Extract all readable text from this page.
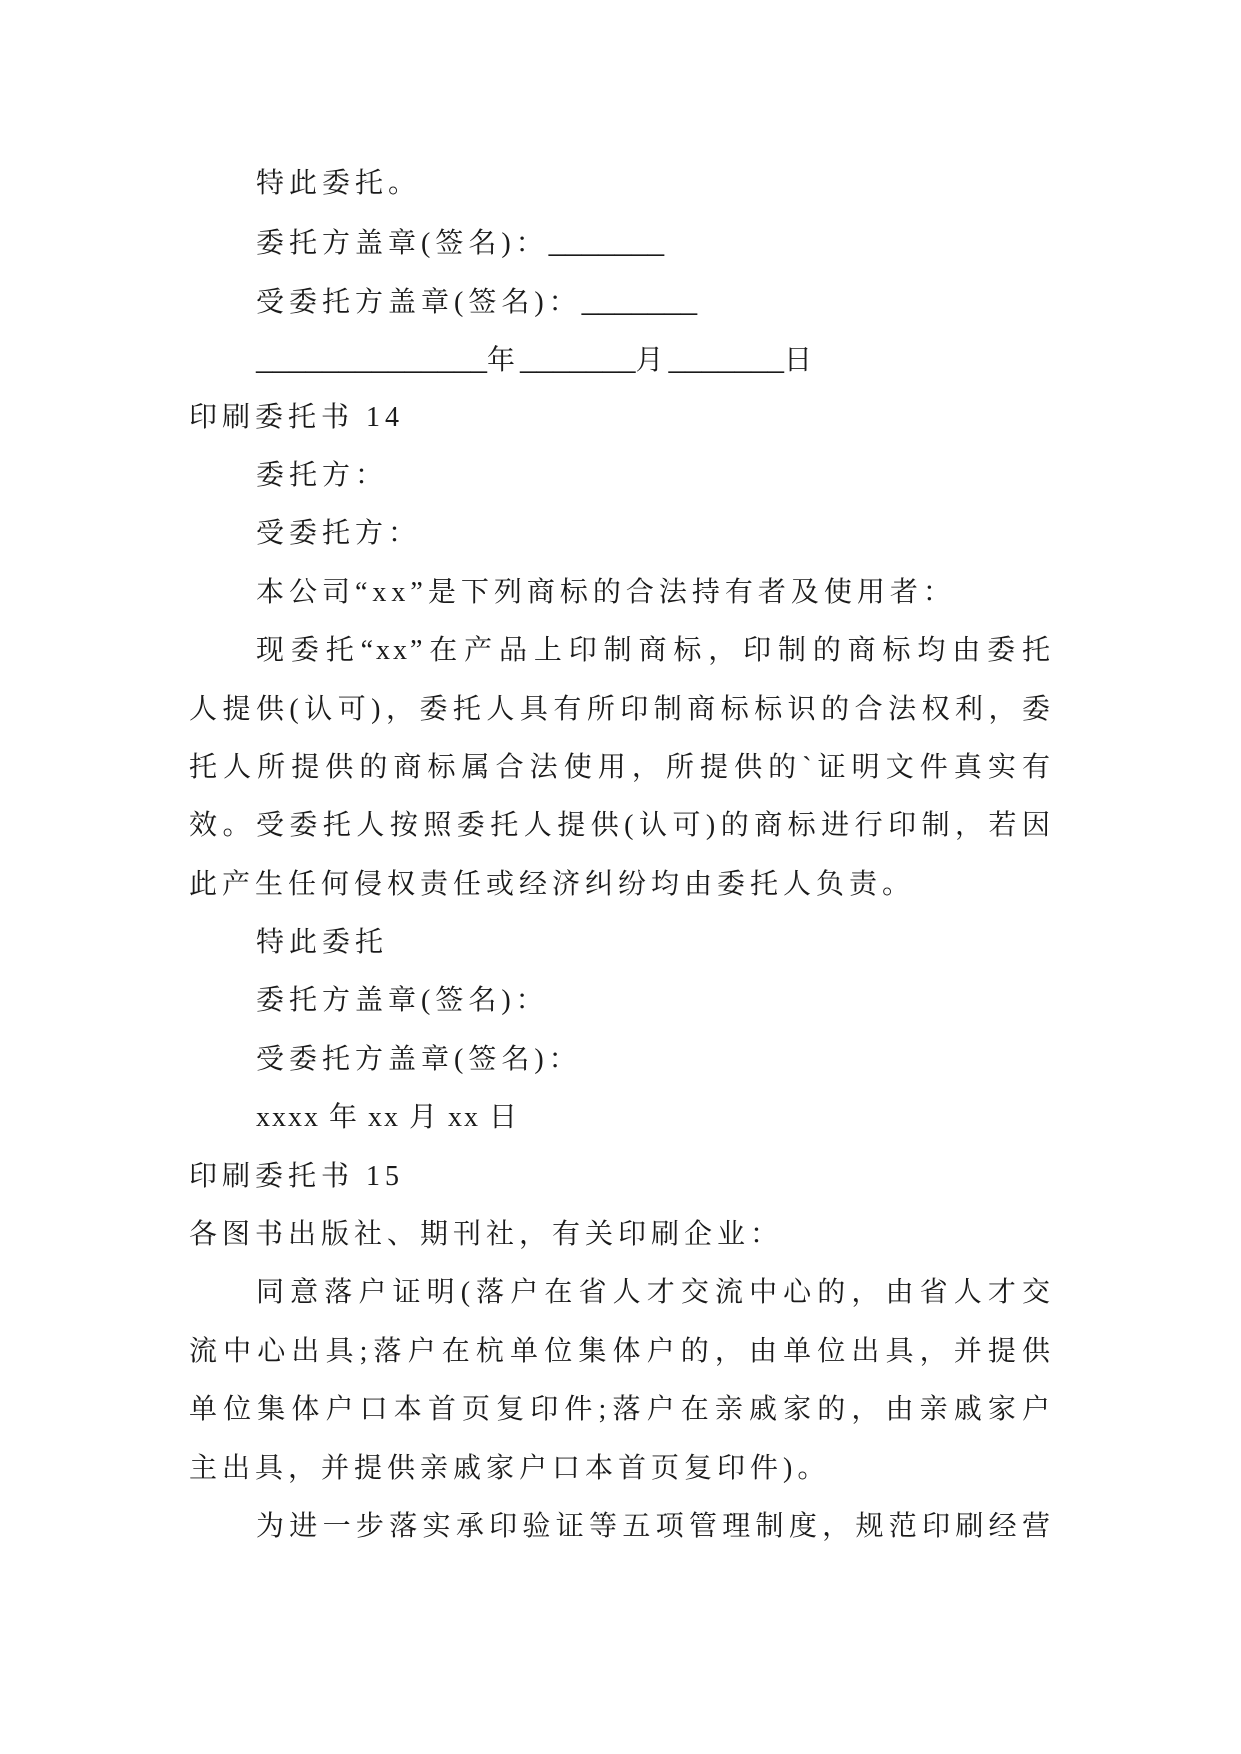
特此委托。
委托方盖章(签名)：_______
受委托方盖章(签名)：_______
______________年_______月_______日
印刷委托书 14
委托方：
受委托方：
本公司“xx”是下列商标的合法持有者及使用者：
现委托“xx”在产品上印制商标，印制的商标均由委托
人提供(认可)，委托人具有所印制商标标识的合法权利，委
托人所提供的商标属合法使用，所提供的`证明文件真实有
效。受委托人按照委托人提供(认可)的商标进行印制，若因
此产生任何侵权责任或经济纠纷均由委托人负责。
特此委托
委托方盖章(签名)：
受委托方盖章(签名)：
xxxx 年 xx 月 xx 日
印刷委托书 15
各图书出版社、期刊社，有关印刷企业：
同意落户证明(落户在省人才交流中心的，由省人才交
流中心出具;落户在杭单位集体户的，由单位出具，并提供
单位集体户口本首页复印件;落户在亲戚家的，由亲戚家户
主出具，并提供亲戚家户口本首页复印件)。
为进一步落实承印验证等五项管理制度，规范印刷经营
